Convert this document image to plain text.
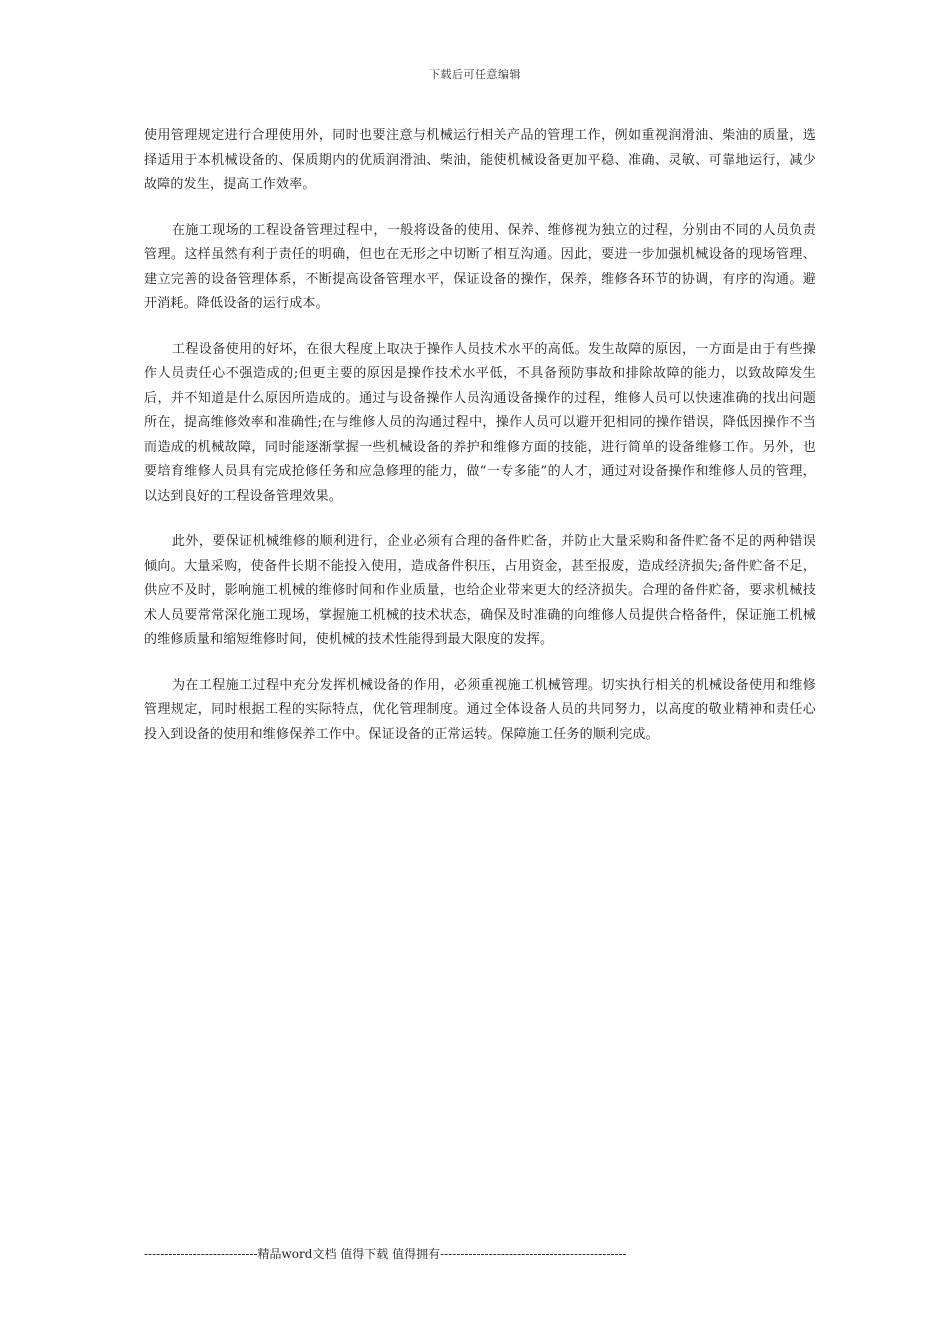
下载后可任意编辑

使用管理规定进行合理使用外，同时也要注意与机械运行相关产品的管理工作，例如重视润滑油、柴油的质量，选择适用于本机械设备的、保质期内的优质润滑油、柴油，能使机械设备更加平稳、准确、灵敏、可靠地运行，减少故障的发生，提高工作效率。

在施工现场的工程设备管理过程中，一般将设备的使用、保养、维修视为独立的过程，分别由不同的人员负责管理。这样虽然有利于责任的明确，但也在无形之中切断了相互沟通。因此，要进一步加强机械设备的现场管理、建立完善的设备管理体系，不断提高设备管理水平，保证设备的操作，保养，维修各环节的协调，有序的沟通。避开消耗。降低设备的运行成本。

工程设备使用的好坏，在很大程度上取决于操作人员技术水平的高低。发生故障的原因，一方面是由于有些操作人员责任心不强造成的;但更主要的原因是操作技术水平低，不具备预防事故和排除故障的能力，以致故障发生后，并不知道是什么原因所造成的。通过与设备操作人员沟通设备操作的过程，维修人员可以快速准确的找出问题所在，提高维修效率和准确性;在与维修人员的沟通过程中，操作人员可以避开犯相同的操作错误，降低因操作不当而造成的机械故障，同时能逐渐掌握一些机械设备的养护和维修方面的技能，进行简单的设备维修工作。另外，也要培育维修人员具有完成抢修任务和应急修理的能力，做“一专多能”的人才，通过对设备操作和维修人员的管理，以达到良好的工程设备管理效果。

此外，要保证机械维修的顺利进行，企业必须有合理的备件贮备，并防止大量采购和备件贮备不足的两种错误倾向。大量采购，使备件长期不能投入使用，造成备件积压，占用资金，甚至报废，造成经济损失;备件贮备不足，供应不及时，影响施工机械的维修时间和作业质量，也给企业带来更大的经济损失。合理的备件贮备，要求机械技术人员要常常深化施工现场，掌握施工机械的技术状态，确保及时准确的向维修人员提供合格备件，保证施工机械的维修质量和缩短维修时间，使机械的技术性能得到最大限度的发挥。

为在工程施工过程中充分发挥机械设备的作用，必须重视施工机械管理。切实执行相关的机械设备使用和维修管理规定，同时根据工程的实际特点，优化管理制度。通过全体设备人员的共同努力，以高度的敬业精神和责任心投入到设备的使用和维修保养工作中。保证设备的正常运转。保障施工任务的顺利完成。

----------------------------精品word文档 值得下载 值得拥有----------------------------------------------
